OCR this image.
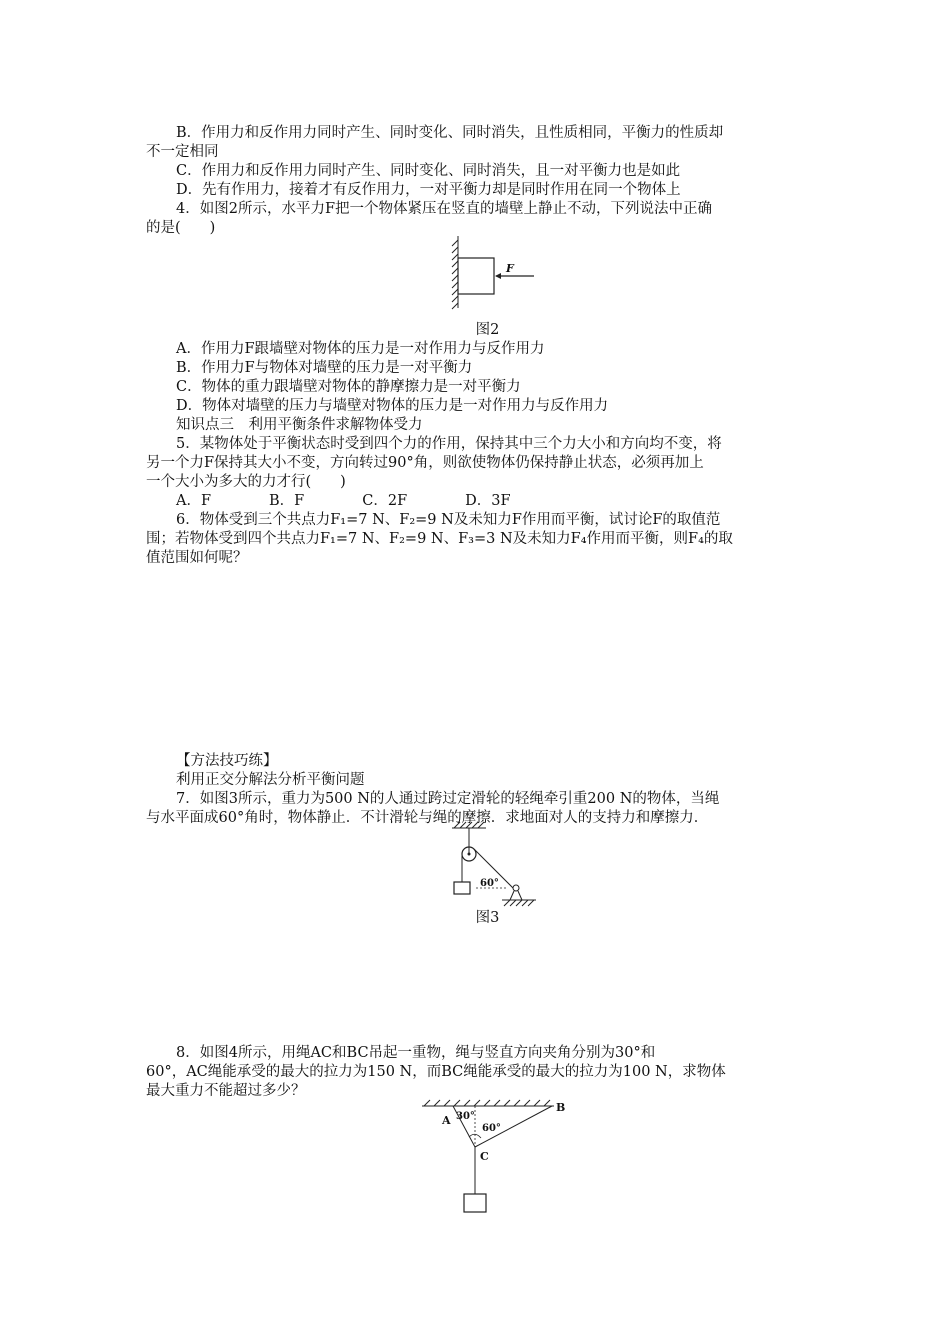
B．作用力和反作用力同时产生、同时变化、同时消失，且性质相同，平衡力的性质却

不一定相同

C．作用力和反作用力同时产生、同时变化、同时消失，且一对平衡力也是如此

D．先有作用力，接着才有反作用力，一对平衡力却是同时作用在同一个物体上

4．如图2所示，水平力F把一个物体紧压在竖直的墙壁上静止不动，下列说法中正确

的是(　　)

F

图2

A．作用力F跟墙壁对物体的压力是一对作用力与反作用力

B．作用力F与物体对墙壁的压力是一对平衡力

C．物体的重力跟墙壁对物体的静摩擦力是一对平衡力

D．物体对墙壁的压力与墙壁对物体的压力是一对作用力与反作用力

知识点三　利用平衡条件求解物体受力

5．某物体处于平衡状态时受到四个力的作用，保持其中三个力大小和方向均不变，将

另一个力F保持其大小不变，方向转过90°角，则欲使物体仍保持静止状态，必须再加上

一个大小为多大的力才行(　　)

A．F　　　　B．F　　　　C．2F　　　　D．3F

6．物体受到三个共点力F₁=7 N、F₂=9 N及未知力F作用而平衡，试讨论F的取值范

围；若物体受到四个共点力F₁=7 N、F₂=9 N、F₃=3 N及未知力F₄作用而平衡，则F₄的取

值范围如何呢？

【方法技巧练】

利用正交分解法分析平衡问题

7．如图3所示，重力为500 N的人通过跨过定滑轮的轻绳牵引重200 N的物体，当绳

与水平面成60°角时，物体静止．不计滑轮与绳的摩擦．求地面对人的支持力和摩擦力．

60°

图3

8．如图4所示，用绳AC和BC吊起一重物，绳与竖直方向夹角分别为30°和

60°，AC绳能承受的最大的拉力为150 N，而BC绳能承受的最大的拉力为100 N，求物体

最大重力不能超过多少？

A
B
C
30°
60°
